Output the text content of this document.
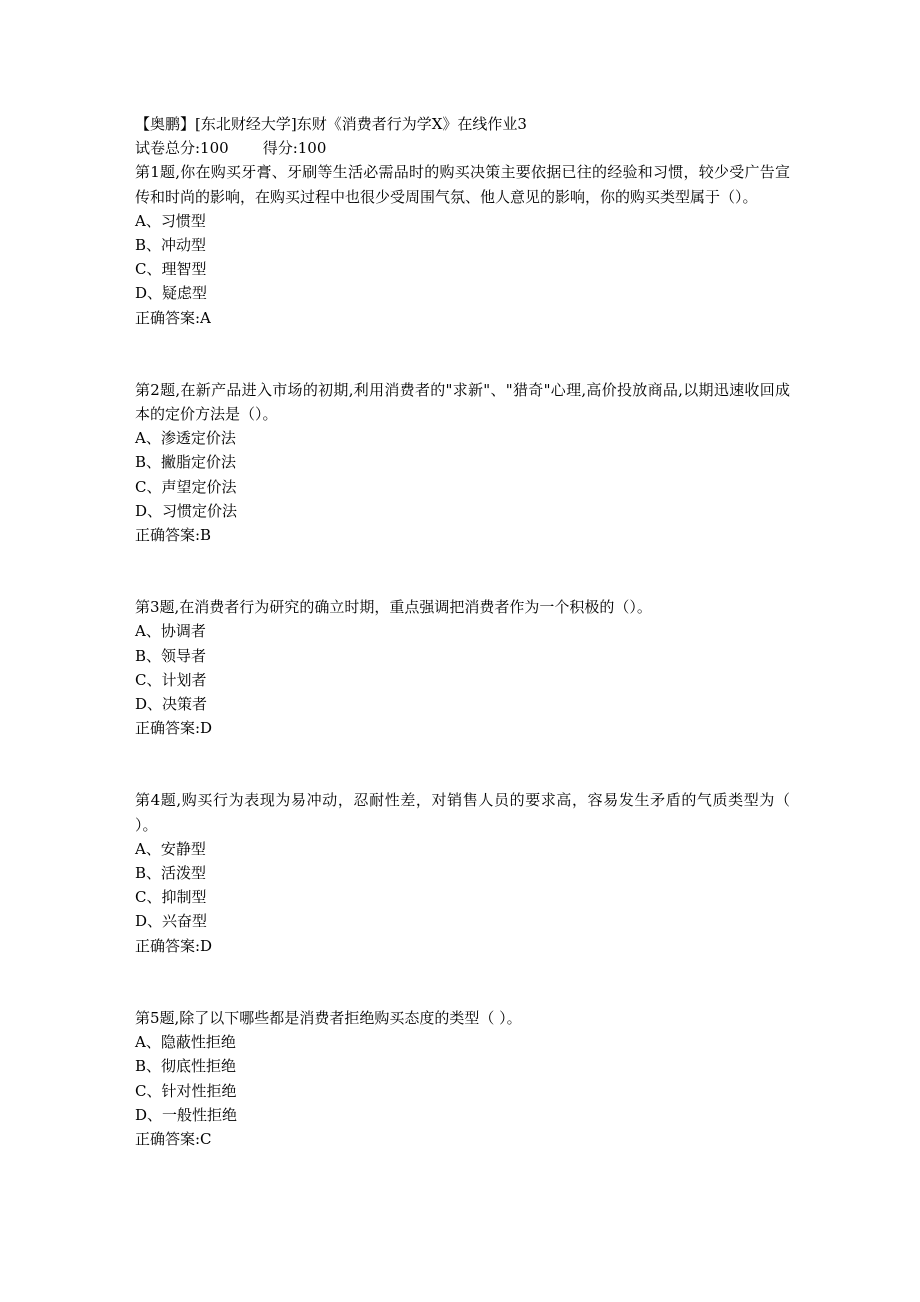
【奥鹏】[东北财经大学]东财《消费者行为学X》在线作业3

试卷总分:100 得分:100

第1题,你在购买牙膏、牙刷等生活必需品时的购买决策主要依据已往的经验和习惯，较少受广告宣传和时尚的影响，在购买过程中也很少受周围气氛、他人意见的影响，你的购买类型属于（）。

A、习惯型
B、冲动型
C、理智型
D、疑虑型

正确答案:A

第2题,在新产品进入市场的初期,利用消费者的"求新"、"猎奇"心理,高价投放商品,以期迅速收回成本的定价方法是（）。

A、渗透定价法
B、撇脂定价法
C、声望定价法
D、习惯定价法

正确答案:B

第3题,在消费者行为研究的确立时期，重点强调把消费者作为一个积极的（）。

A、协调者
B、领导者
C、计划者
D、决策者

正确答案:D

第4题,购买行为表现为易冲动，忍耐性差，对销售人员的要求高，容易发生矛盾的气质类型为（ ）。

A、安静型
B、活泼型
C、抑制型
D、兴奋型

正确答案:D

第5题,除了以下哪些都是消费者拒绝购买态度的类型（ ）。

A、隐蔽性拒绝
B、彻底性拒绝
C、针对性拒绝
D、一般性拒绝

正确答案:C
